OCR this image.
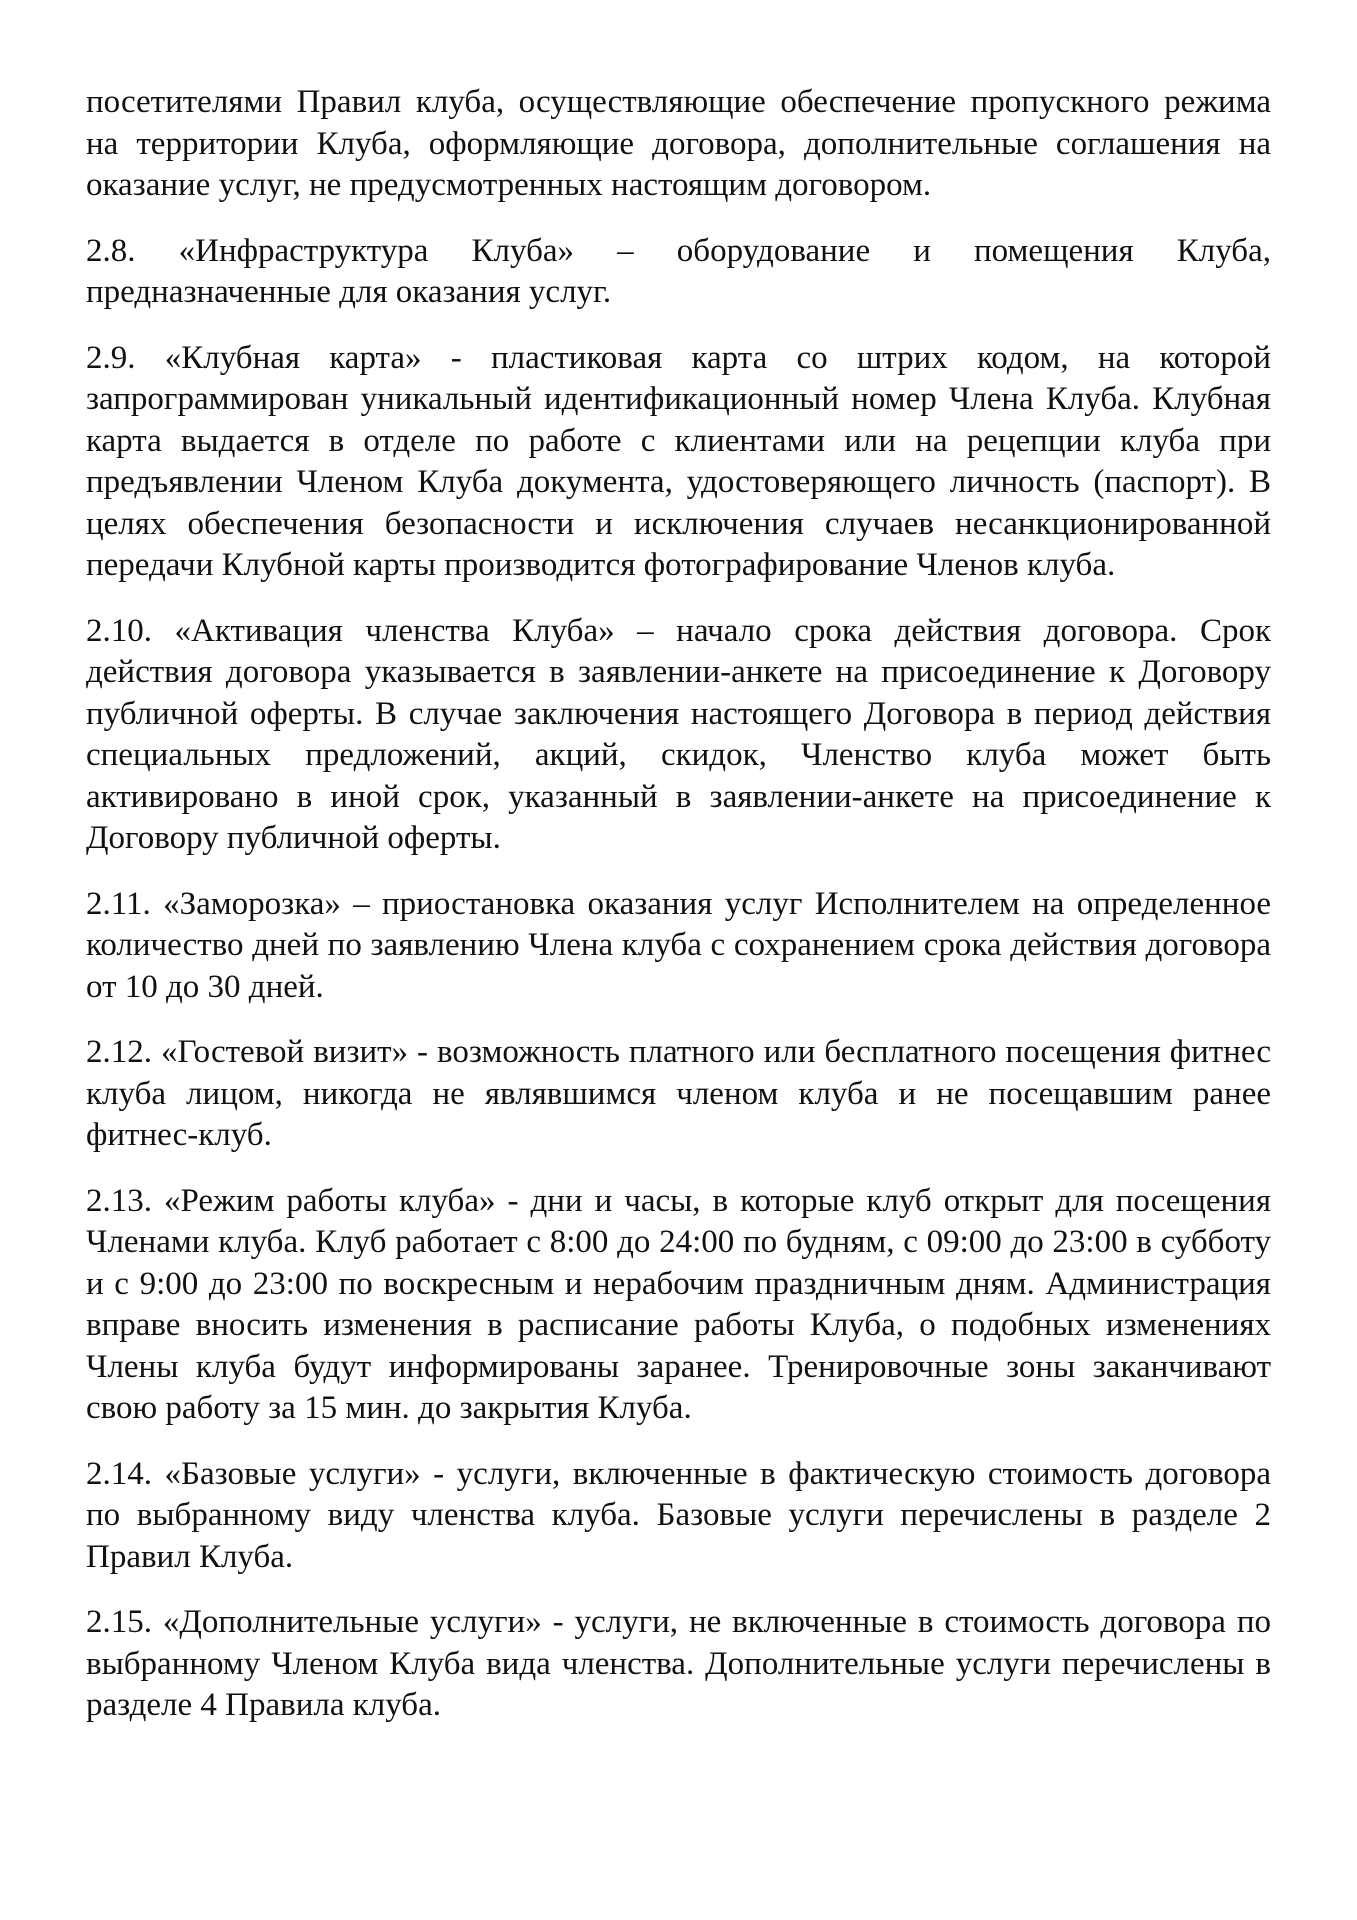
посетителями Правил клуба, осуществляющие обеспечение пропускного режима на территории Клуба, оформляющие договора, дополнительные соглашения на оказание услуг, не предусмотренных настоящим договором.

2.8. «Инфраструктура Клуба» – оборудование и помещения Клуба, предназначенные для оказания услуг.

2.9. «Клубная карта» - пластиковая карта со штрих кодом, на которой запрограммирован уникальный идентификационный номер Члена Клуба. Клубная карта выдается в отделе по работе с клиентами или на рецепции клуба при предъявлении Членом Клуба документа, удостоверяющего личность (паспорт). В целях обеспечения безопасности и исключения случаев несанкционированной передачи Клубной карты производится фотографирование Членов клуба.

2.10. «Активация членства Клуба» – начало срока действия договора. Срок действия договора указывается в заявлении-анкете на присоединение к Договору публичной оферты. В случае заключения настоящего Договора в период действия специальных предложений, акций, скидок, Членство клуба может быть активировано в иной срок, указанный в заявлении-анкете на присоединение к Договору публичной оферты.

2.11. «Заморозка» – приостановка оказания услуг Исполнителем на определенное количество дней по заявлению Члена клуба с сохранением срока действия договора от 10 до 30 дней.

2.12. «Гостевой визит» - возможность платного или бесплатного посещения фитнес клуба лицом, никогда не являвшимся членом клуба и не посещавшим ранее фитнес-клуб.

2.13. «Режим работы клуба» - дни и часы, в которые клуб открыт для посещения Членами клуба. Клуб работает с 8:00 до 24:00 по будням, с 09:00 до 23:00 в субботу и с 9:00 до 23:00 по воскресным и нерабочим праздничным дням. Администрация вправе вносить изменения в расписание работы Клуба, о подобных изменениях Члены клуба будут информированы заранее. Тренировочные зоны заканчивают свою работу за 15 мин. до закрытия Клуба.

2.14. «Базовые услуги» - услуги, включенные в фактическую стоимость договора по выбранному виду членства клуба. Базовые услуги перечислены в разделе 2 Правил Клуба.

2.15. «Дополнительные услуги» - услуги, не включенные в стоимость договора по выбранному Членом Клуба вида членства. Дополнительные услуги перечислены в разделе 4 Правила клуба.
